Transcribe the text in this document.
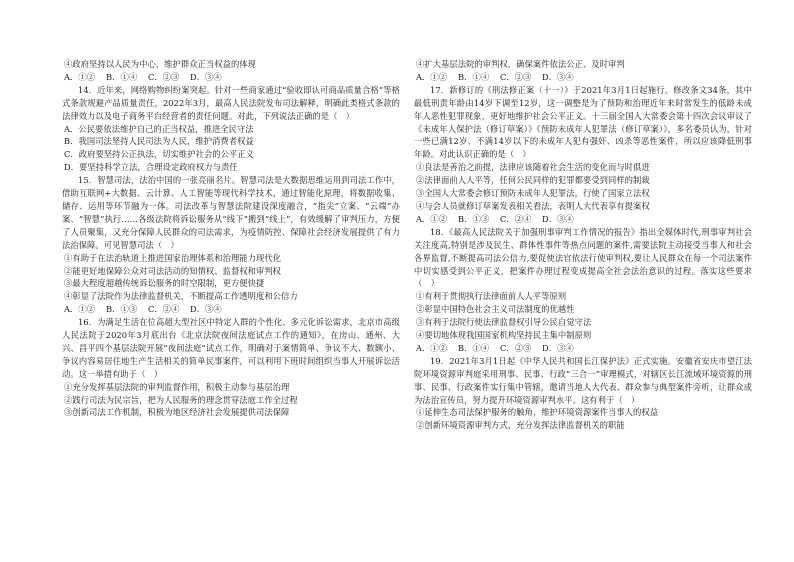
④政府坚持以人民为中心，维护群众正当权益的体现

A．①②	B．①④	C．②③	D．③④

14．近年来，网络购物纠纷案突起。针对一些商家通过“验收即认可商品质量合格”等格式条款规避产品质量责任，2022年3月，最高人民法院发布司法解释，明确此类格式条款的法律效力以及电子商务平台经营者的责任问题。对此，下列说法正确的是（　）

A．公民要依法维护自己的正当权益，推进全民守法

B．我国司法坚持人民司法为人民，维护消费者权益

C．政府要坚持公正执法，切实维护社会的公平正义

D．要坚持科学立法，合理设定政府权力与责任

15．智慧司法，法治中国的一张亮丽名片。智慧司法是大数据思维运用到司法工作中，借助互联网+大数据、云计算、人工智能等现代科学技术，通过智能化原理，将数据收集、储存、运用等环节融为一体。司法改革与智慧法院建设深度融合，“指尖”立案、“云端”办案、“智慧”执行……各级法院将诉讼服务从“线下”搬到“线上”，有效缓解了审判压力，方便了人员聚集，又充分保障人民群众的司法需求，为疫情防控、保障社会经济发展提供了有力法治保障。可见智慧司法（　）

①有助于在法治轨道上推进国家治理体系和治理能力现代化

②能更好地保障公众对司法活动的知情权、监督权和审判权

③最大程度超越传统诉讼服务的时空限制，更方便快捷

④彰显了法院作为法律监督机关，不断提高工作透明度和公信力

A．①②	B．①③	C．②④	D．③④

16．为满足生活在位高超大型社区中特定人群的个性化、多元化诉讼需求，北京市高级人民法院于2020年3月底出台《北京法院夜间法庭试点工作的通知》，在房山、通州、大兴、昌平四个基层法院开展“夜间法庭”试点工作，明确对于案情简单、争议不大、数额小、争议内容易居住地生产生活相关的简单民事案件，可以利用下班时间组织当事人开展诉讼活动。这一举措有助于（　）

①充分发挥基层法院的审判监督作用，积极主动参与基层治理

②践行司法为民宗旨，把为人民服务的理念贯穿法庭工作全过程

③创新司法工作机制，积极为地区经济社会发展提供司法保障

④扩大基层法院的审判权，确保案件依法公正、及时审判

A．①②	B．①④	C．②③	D．③④

17．新修订的《刑法修正案（十一）》于2021年3月1日起施行。修改条文34条，其中最低刑责年龄由14岁下调至12岁，这一调整是为了预防和治理近年来时常发生的低龄未成年人恶性犯罪现象，更好地维护社会公平正义。十三届全国人大常委会第十四次会议审议了《未成年人保护法（修订草案）》《预防未成年人犯罪法（修订草案）》，多名委员认为，针对一些已满12岁、不满14岁以下的未成年人犯有强奸、凶杀等恶性案件，所以应该降低刑事年龄。对此认识正确的是（　）

①良法是善治之前提，法律应该随着社会生活的变化而与时俱进

②法律面前人人平等，任何公民同样的犯罪都要受到同样的制裁

③全国人大常委会修订预防未成年人犯罪法，行使了国家立法权

④与会人员就修订草案发表相关看法，表明人大代表享有提案权

A．①②	B．①③	C．②④	D．③④

18．《最高人民法院关于加强刑事审判工作情况的报告》指出全媒体时代,刑事审判社会关注度高,特别是涉及民生、群体性事件等热点问题的案件,需要法院主动接受当事人和社会各界监督,不断提高司法公信力,要促使法官依法行使审判权,要让人民群众在每一个司法案件中切实感受到公平正义，把案件办理过程变成提高全社会法治意识的过程。落实这些要求（　）

①有利于贯彻执行法律面前人人平等原则

②彰显中国特色社会主义司法制度的优越性

③有利于法院行使法律监督权引导公民自觉守法

④要切地体现我国国家机构坚持民主集中制原则

A．①②	B．①④	C．②③	D．③④

19．2021年3月1日起《中华人民共和国长江保护法》正式实施。安徽省安庆市望江法院环境资源审判庭采用刑事、民事、行政“三合一”审理模式，对辖区长江流域环境资源的刑事、民事、行政案件实行集中管辖，邀请当地人大代表、群众参与典型案件旁听，让群众成为法治宣传员，努力提升环境资源审判水平。这有利于（　）

①延伸生态司法保护服务的触角，维护环境资源案件当事人的权益

②创新环境资源审判方式，充分发挥法律监督机关的职能
